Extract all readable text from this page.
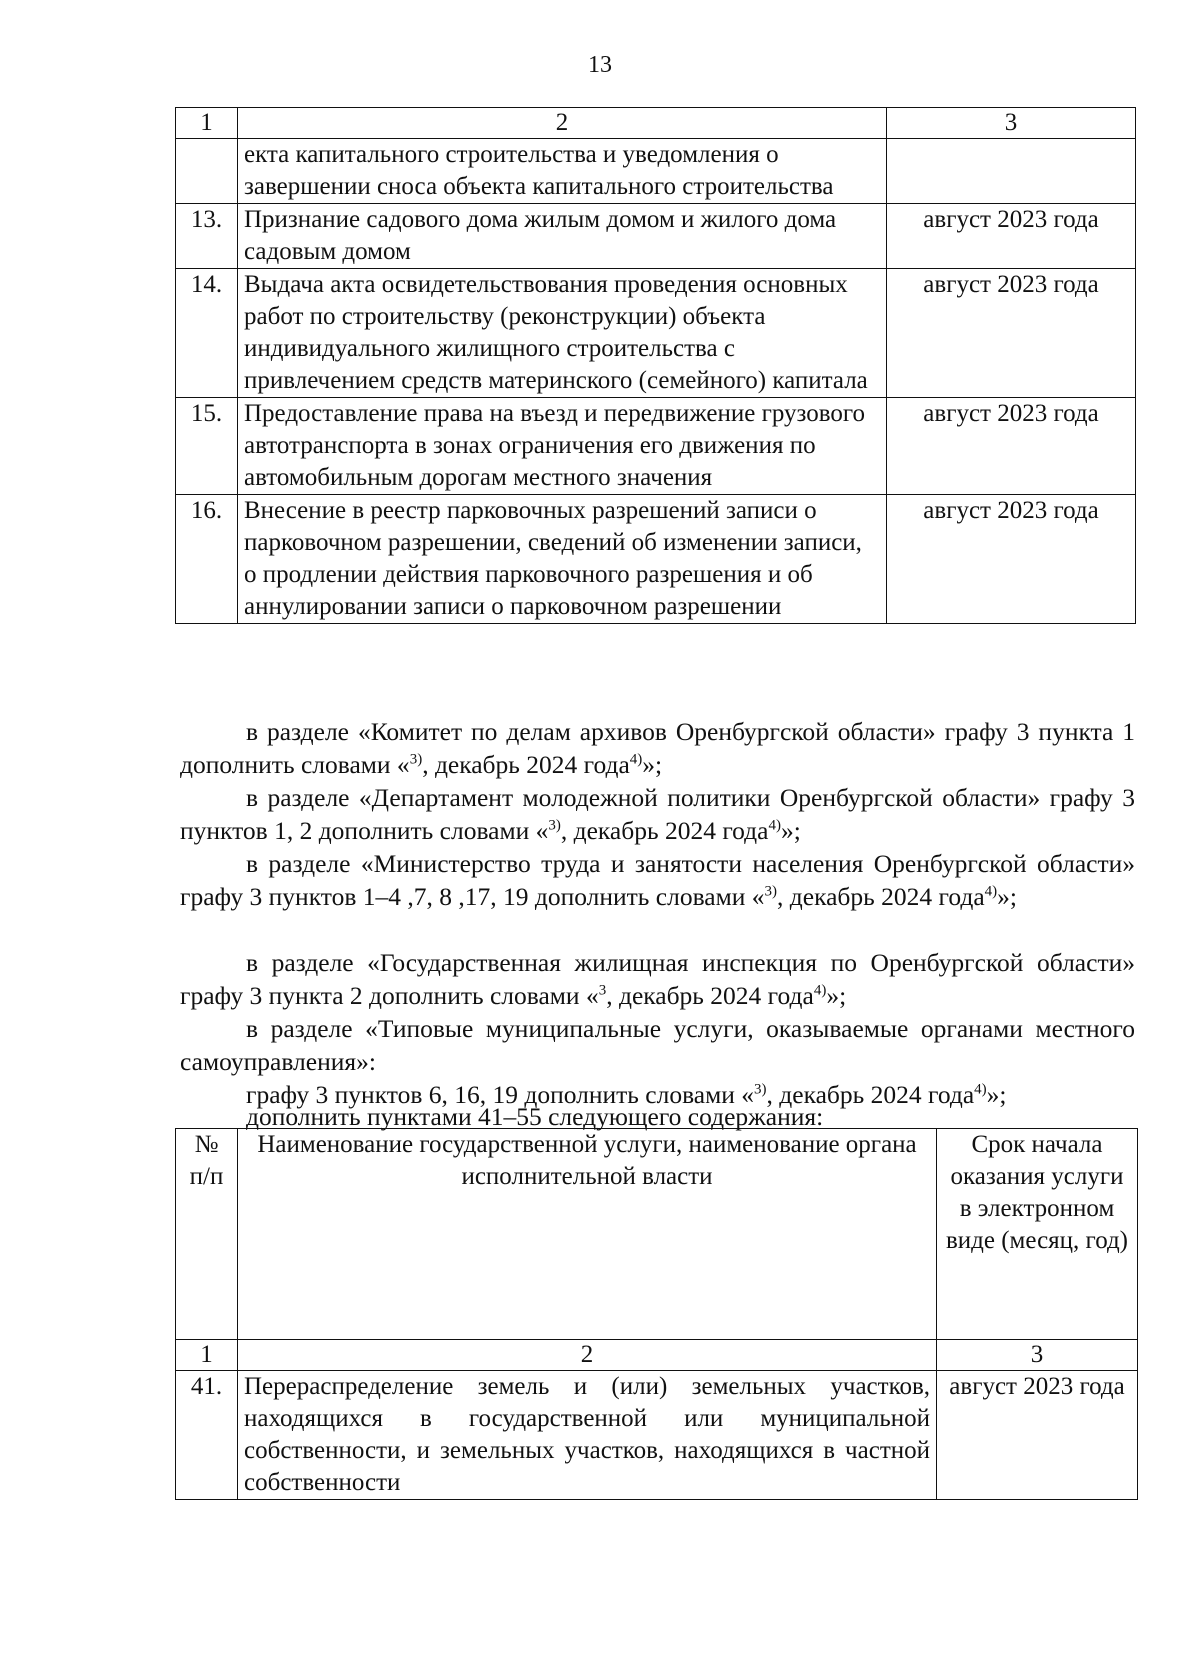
13
1	2	3
	екта капитального строительства и уведомления о завершении сноса объекта капитального строительства	
13.	Признание садового дома жилым домом и жилого дома садовым домом	август 2023 года
14.	Выдача акта освидетельствования проведения основных работ по строительству (реконструкции) объекта индивидуального жилищного строительства с привлечением средств материнского (семейного) капитала	август 2023 года
15.	Предоставление права на въезд и передвижение грузового автотранспорта в зонах ограничения его движения по автомобильным дорогам местного значения	август 2023 года
16.	Внесение в реестр парковочных разрешений записи о парковочном разрешении, сведений об изменении записи, о продлении действия парковочного разрешения и об аннулировании записи о парковочном разрешении	август 2023 года
в разделе «Комитет по делам архивов Оренбургской области» графу 3 пункта 1 дополнить словами «$^{3)}$, декабрь 2024 года$^{4)}$»;
в разделе «Департамент молодежной политики Оренбургской области» графу 3 пунктов 1, 2 дополнить словами «$^{3)}$, декабрь 2024 года$^{4)}$»;
в разделе «Министерство труда и занятости населения Оренбургской области» графу 3 пунктов 1–4 ,7, 8 ,17, 19 дополнить словами «$^{3)}$, декабрь 2024 года$^{4)}$»;
в разделе «Государственная жилищная инспекция по Оренбургской области» графу 3 пункта 2 дополнить словами «$^3$, декабрь 2024 года$^{4)}$»;
в разделе «Типовые муниципальные услуги, оказываемые органами местного самоуправления»:
графу 3 пунктов 6, 16, 19 дополнить словами «$^{3)}$, декабрь 2024 года$^{4)}$»;
дополнить пунктами 41–55 следующего содержания:
№ п/п	Наименование государственной услуги, наименование органа исполнительной власти	Срок начала оказания услуги в электронном виде (месяц, год)
1	2	3
41.	Перераспределение земель и (или) земельных участков, находящихся в государственной или муниципальной собственности, и земельных участков, находящихся в частной собственности	август 2023 года
